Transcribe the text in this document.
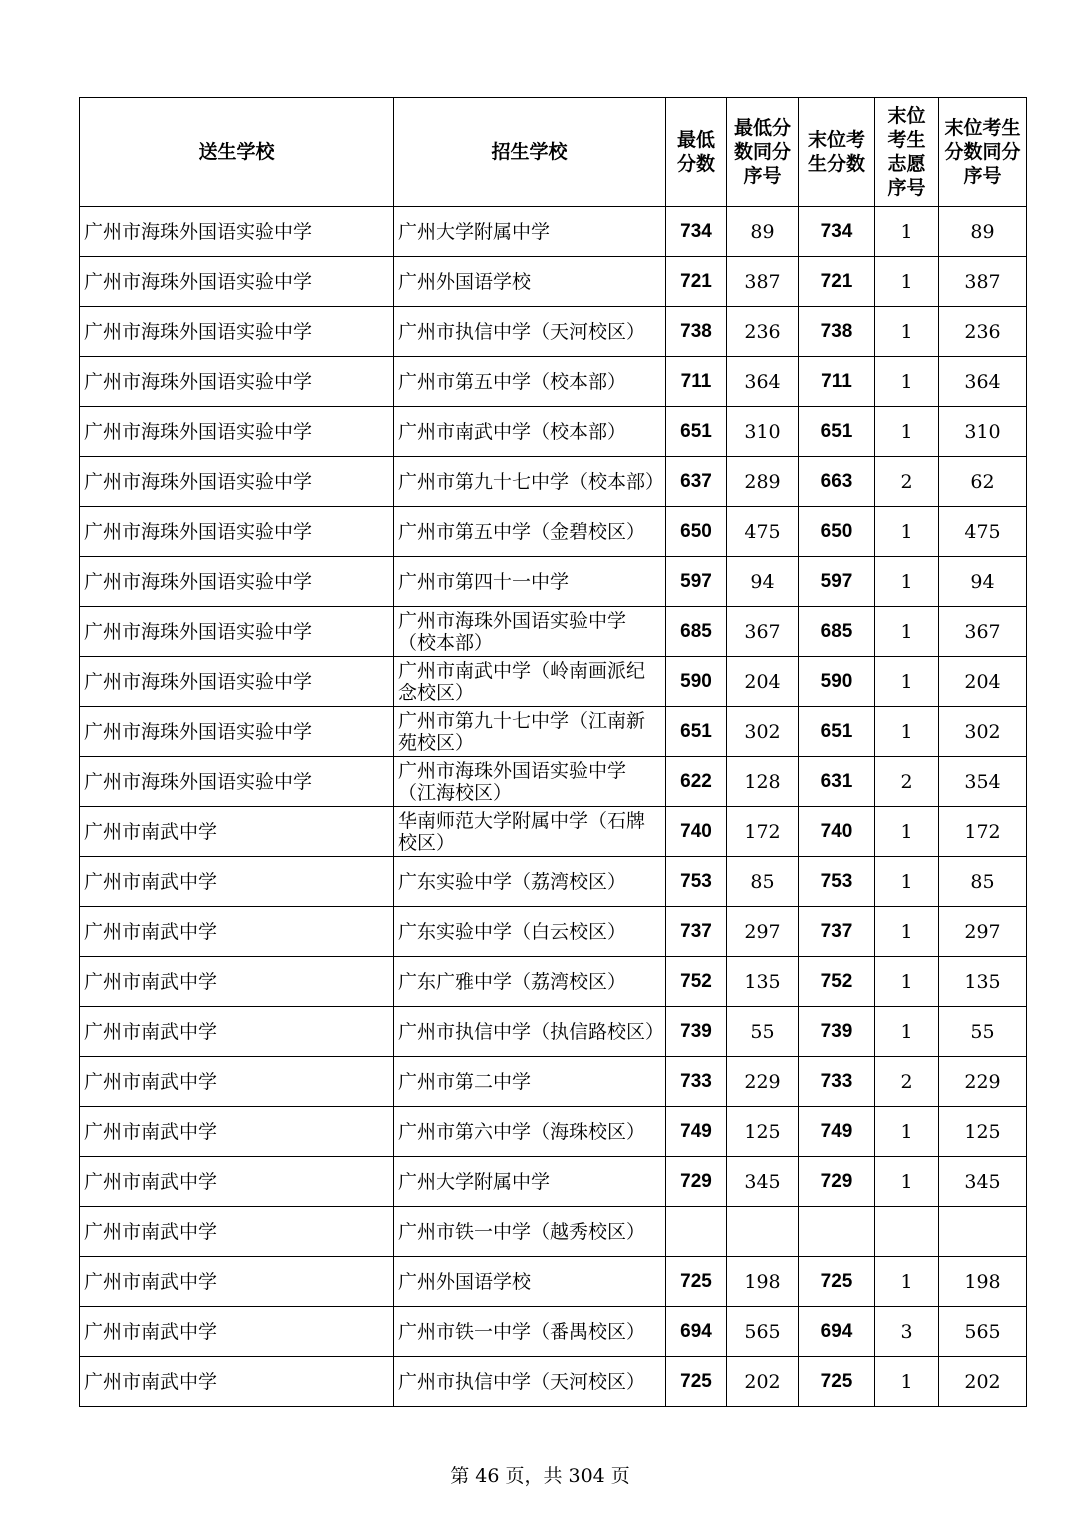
送生学校	招生学校	最低分数	最低分数同分序号	末位考生分数	末位考生志愿序号	末位考生分数同分序号
广州市海珠外国语实验中学	广州大学附属中学	734	89	734	1	89
广州市海珠外国语实验中学	广州外国语学校	721	387	721	1	387
广州市海珠外国语实验中学	广州市执信中学（天河校区）	738	236	738	1	236
广州市海珠外国语实验中学	广州市第五中学（校本部）	711	364	711	1	364
广州市海珠外国语实验中学	广州市南武中学（校本部）	651	310	651	1	310
广州市海珠外国语实验中学	广州市第九十七中学（校本部）	637	289	663	2	62
广州市海珠外国语实验中学	广州市第五中学（金碧校区）	650	475	650	1	475
广州市海珠外国语实验中学	广州市第四十一中学	597	94	597	1	94
广州市海珠外国语实验中学	广州市海珠外国语实验中学（校本部）	685	367	685	1	367
广州市海珠外国语实验中学	广州市南武中学（岭南画派纪念校区）	590	204	590	1	204
广州市海珠外国语实验中学	广州市第九十七中学（江南新苑校区）	651	302	651	1	302
广州市海珠外国语实验中学	广州市海珠外国语实验中学（江海校区）	622	128	631	2	354
广州市南武中学	华南师范大学附属中学（石牌校区）	740	172	740	1	172
广州市南武中学	广东实验中学（荔湾校区）	753	85	753	1	85
广州市南武中学	广东实验中学（白云校区）	737	297	737	1	297
广州市南武中学	广东广雅中学（荔湾校区）	752	135	752	1	135
广州市南武中学	广州市执信中学（执信路校区）	739	55	739	1	55
广州市南武中学	广州市第二中学	733	229	733	2	229
广州市南武中学	广州市第六中学（海珠校区）	749	125	749	1	125
广州市南武中学	广州大学附属中学	729	345	729	1	345
广州市南武中学	广州市铁一中学（越秀校区）					
广州市南武中学	广州外国语学校	725	198	725	1	198
广州市南武中学	广州市铁一中学（番禺校区）	694	565	694	3	565
广州市南武中学	广州市执信中学（天河校区）	725	202	725	1	202
第 46 页，共 304 页
